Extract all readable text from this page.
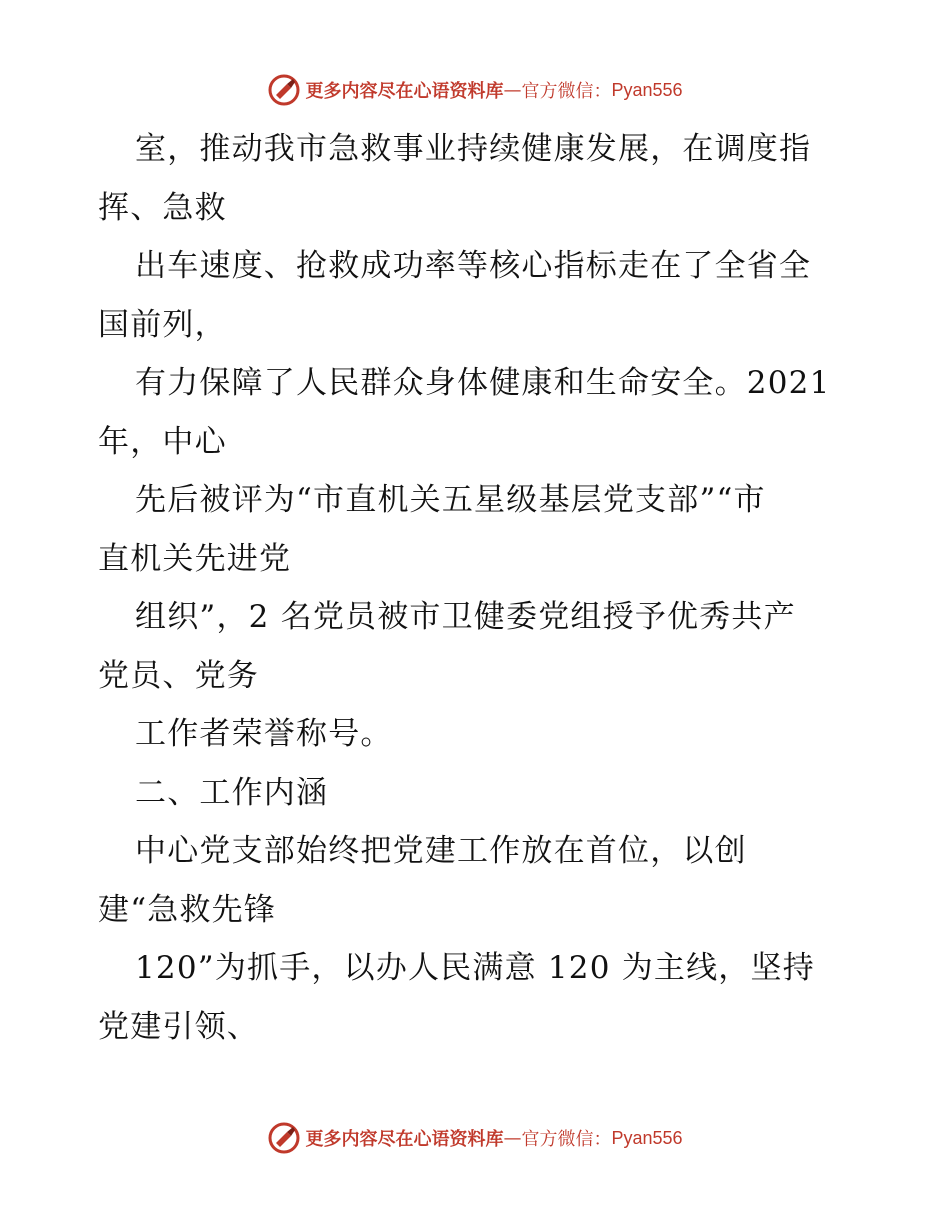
更多内容尽在心语资料库 — 官方微信： Pyan556
室，推动我市急救事业持续健康发展，在调度指
挥、急救
出车速度、抢救成功率等核心指标走在了全省全
国前列，
有力保障了人民群众身体健康和生命安全。2021
年，中心
先后被评为“市直机关五星级基层党支部”“市
直机关先进党
组织”，2 名党员被市卫健委党组授予优秀共产
党员、党务
工作者荣誉称号。
二、工作内涵
中心党支部始终把党建工作放在首位，以创
建“急救先锋
120”为抓手，以办人民满意 120 为主线，坚持
党建引领、
更多内容尽在心语资料库 — 官方微信： Pyan556
